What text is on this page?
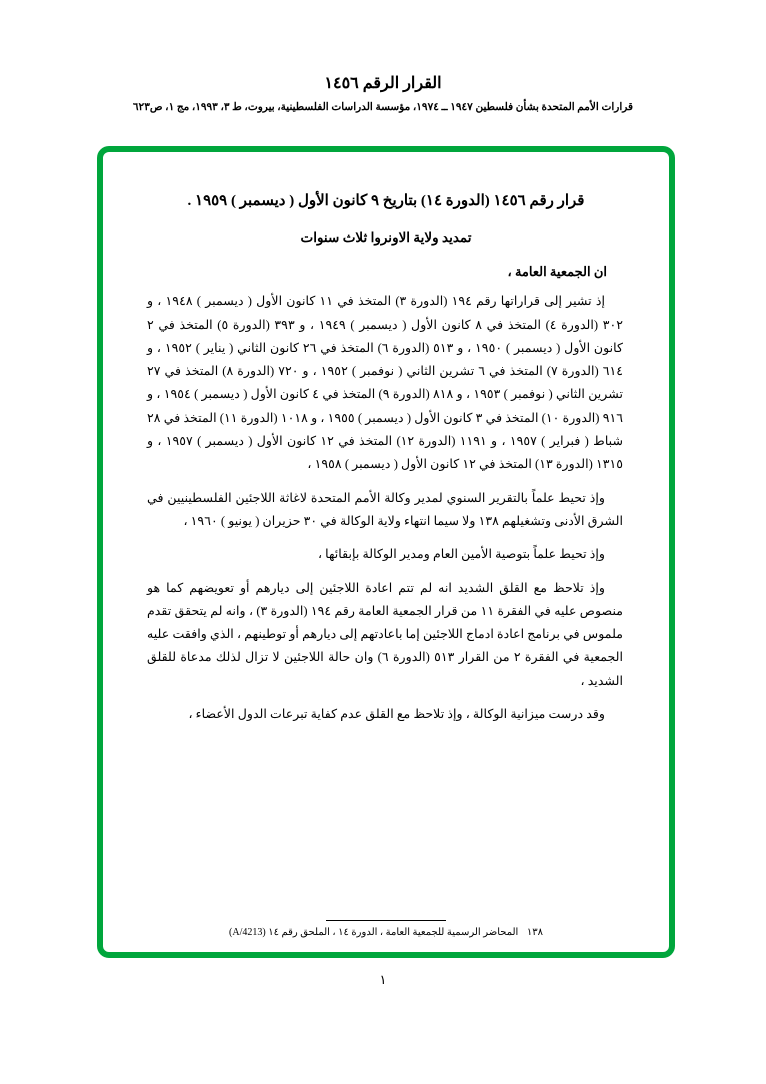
القرار الرقم ١٤٥٦
قرارات الأمم المتحدة بشأن فلسطين ١٩٤٧ ــ ١٩٧٤، مؤسسة الدراسات الفلسطينية، بيروت، ط ٣، ١٩٩٣، مج ١، ص٦٢٣
قرار رقم ١٤٥٦ (الدورة ١٤) بتاريخ ٩ كانون الأول ( ديسمبر ) ١٩٥٩ .
تمديد ولاية الاونروا ثلاث سنوات
ان الجمعية العامة ،
إذ تشير إلى قراراتها رقم ١٩٤ (الدورة ٣) المتخذ في ١١ كانون الأول ( ديسمبر ) ١٩٤٨ ، و ٣٠٢ (الدورة ٤) المتخذ في ٨ كانون الأول ( ديسمبر ) ١٩٤٩ ، و ٣٩٣ (الدورة ٥) المتخذ في ٢ كانون الأول ( ديسمبر ) ١٩٥٠ ، و ٥١٣ (الدورة ٦) المتخذ في ٢٦ كانون الثاني ( يناير ) ١٩٥٢ ، و ٦١٤ (الدورة ٧) المتخذ في ٦ تشرين الثاني ( نوفمبر ) ١٩٥٢ ، و ٧٢٠ (الدورة ٨) المتخذ في ٢٧ تشرين الثاني ( نوفمبر ) ١٩٥٣ ، و ٨١٨ (الدورة ٩) المتخذ في ٤ كانون الأول ( ديسمبر ) ١٩٥٤ ، و ٩١٦ (الدورة ١٠) المتخذ في ٣ كانون الأول ( ديسمبر ) ١٩٥٥ ، و ١٠١٨ (الدورة ١١) المتخذ في ٢٨ شباط ( فبراير ) ١٩٥٧ ، و ١١٩١ (الدورة ١٢) المتخذ في ١٢ كانون الأول ( ديسمبر ) ١٩٥٧ ، و ١٣١٥ (الدورة ١٣) المتخذ في ١٢ كانون الأول ( ديسمبر ) ١٩٥٨ ،
وإذ تحيط علماً بالتقرير السنوي لمدير وكالة الأمم المتحدة لاغاثة اللاجئين الفلسطينيين في الشرق الأدنى وتشغيلهم ١٣٨ ولا سيما انتهاء ولاية الوكالة في ٣٠ حزيران ( يونيو ) ١٩٦٠ ،
وإذ تحيط علماً بتوصية الأمين العام ومدير الوكالة بإبقائها ،
وإذ تلاحظ مع القلق الشديد انه لم تتم اعادة اللاجئين إلى ديارهم أو تعويضهم كما هو منصوص عليه في الفقرة ١١ من قرار الجمعية العامة رقم ١٩٤ (الدورة ٣) ، وانه لم يتحقق تقدم ملموس في برنامج اعادة ادماج اللاجئين إما باعادتهم إلى ديارهم أو توطينهم ، الذي وافقت عليه الجمعية في الفقرة ٢ من القرار ٥١٣ (الدورة ٦) وان حالة اللاجئين لا تزال لذلك مدعاة للقلق الشديد ،
وقد درست ميزانية الوكالة ، وإذ تلاحظ مع القلق عدم كفاية تبرعات الدول الأعضاء ،
١٣٨ المحاضر الرسمية للجمعية العامة ، الدورة ١٤ ، الملحق رقم ١٤ (A/4213)
١
